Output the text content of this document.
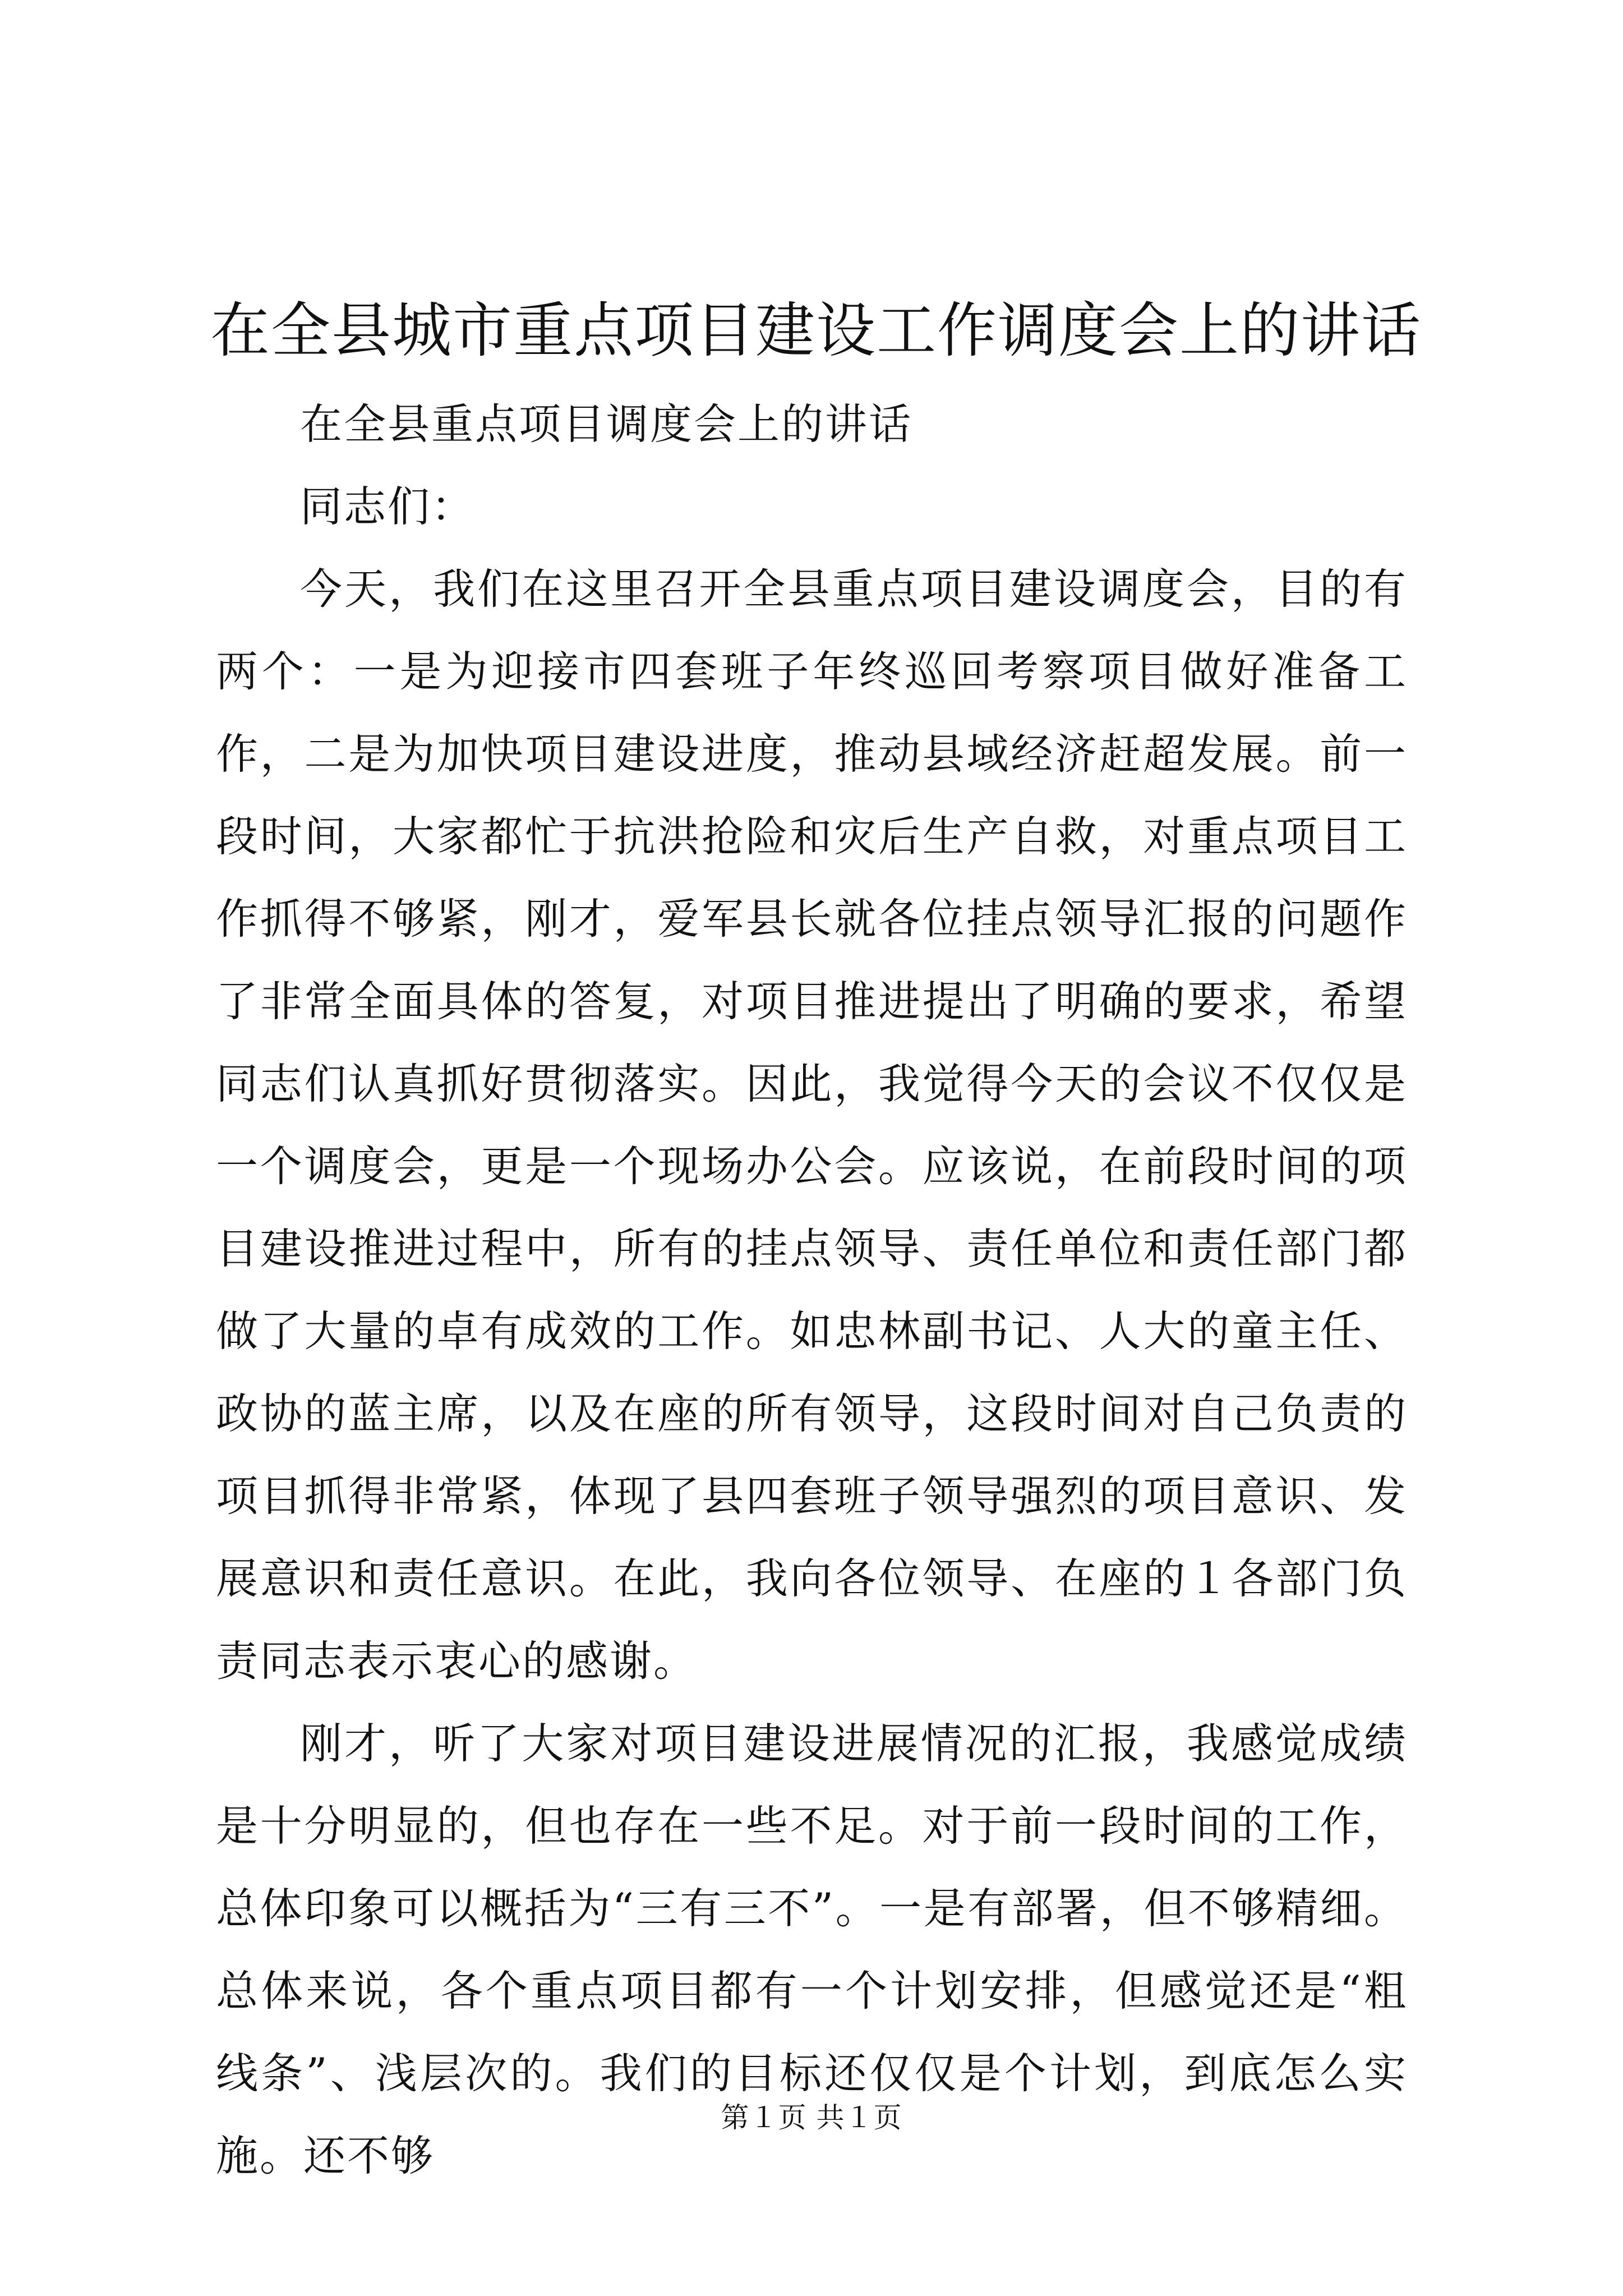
在全县城市重点项目建设工作调度会上的讲话

在全县重点项目调度会上的讲话

同志们：

今天，我们在这里召开全县重点项目建设调度会，目的有两个：一是为迎接市四套班子年终巡回考察项目做好准备工作，二是为加快项目建设进度，推动县域经济赶超发展。前一段时间，大家都忙于抗洪抢险和灾后生产自救，对重点项目工作抓得不够紧，刚才，爱军县长就各位挂点领导汇报的问题作了非常全面具体的答复，对项目推进提出了明确的要求，希望同志们认真抓好贯彻落实。因此，我觉得今天的会议不仅仅是一个调度会，更是一个现场办公会。应该说，在前段时间的项目建设推进过程中，所有的挂点领导、责任单位和责任部门都做了大量的卓有成效的工作。如忠林副书记、人大的童主任、政协的蓝主席，以及在座的所有领导，这段时间对自己负责的项目抓得非常紧，体现了县四套班子领导强烈的项目意识、发展意识和责任意识。在此，我向各位领导、在座的１各部门负责同志表示衷心的感谢。

刚才，听了大家对项目建设进展情况的汇报，我感觉成绩是十分明显的，但也存在一些不足。对于前一段时间的工作，总体印象可以概括为“三有三不”。一是有部署，但不够精细。总体来说，各个重点项目都有一个计划安排，但感觉还是“粗线条”、浅层次的。我们的目标还仅仅是个计划，到底怎么实施。还不够

第１页 共１页
